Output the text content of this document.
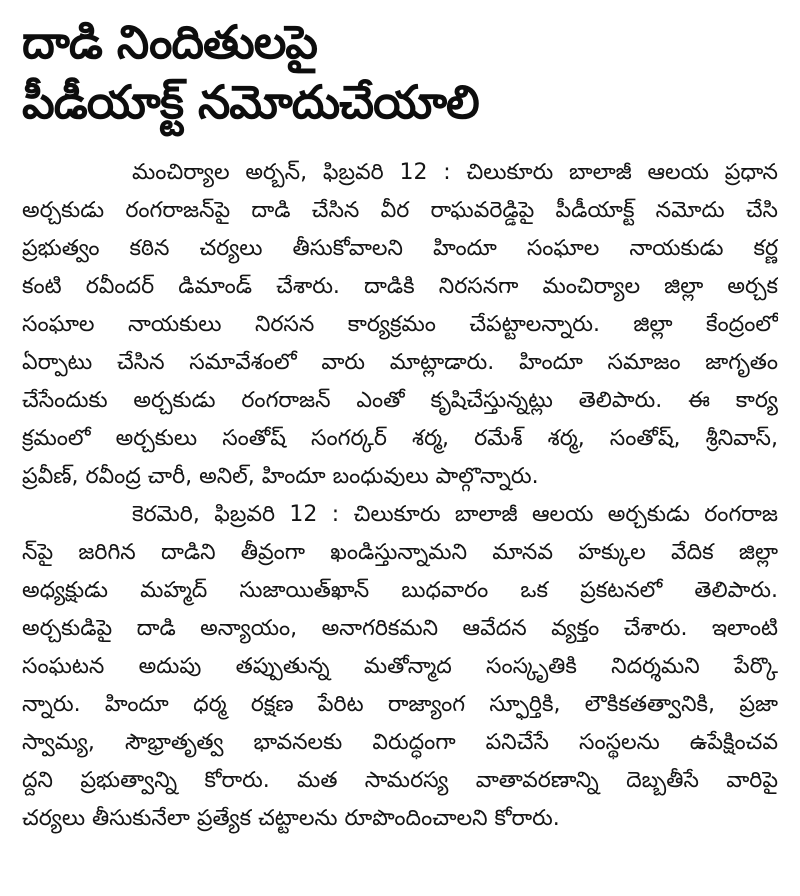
దాడి నిందితులపై
పీడీయాక్ట్ నమోదుచేయాలి

మంచిర్యాల అర్బన్, ఫిబ్రవరి 12 : చిలుకూరు బాలాజీ ఆలయ ప్రధాన
అర్చకుడు రంగరాజన్‌పై దాడి చేసిన వీర రాఘవరెడ్డిపై పీడీయాక్ట్ నమోదు చేసి
ప్రభుత్వం కఠిన చర్యలు తీసుకోవాలని హిందూ సంఘాల నాయకుడు కర్ణ
కంటి రవీందర్ డిమాండ్ చేశారు. దాడికి నిరసనగా మంచిర్యాల జిల్లా అర్చక
సంఘాల నాయకులు నిరసన కార్యక్రమం చేపట్టాలన్నారు. జిల్లా కేంద్రంలో
ఏర్పాటు చేసిన సమావేశంలో వారు మాట్లాడారు. హిందూ సమాజం జాగృతం
చేసేందుకు అర్చకుడు రంగరాజన్ ఎంతో కృషిచేస్తున్నట్లు తెలిపారు. ఈ కార్య
క్రమంలో అర్చకులు సంతోష్ సంగర్కర్ శర్మ, రమేశ్ శర్మ, సంతోష్, శ్రీనివాస్,
ప్రవీణ్, రవీంద్ర చారీ, అనిల్, హిందూ బంధువులు పాల్గొన్నారు.

కెరమెరి, ఫిబ్రవరి 12 : చిలుకూరు బాలాజీ ఆలయ అర్చకుడు రంగరాజ
న్‌పై జరిగిన దాడిని తీవ్రంగా ఖండిస్తున్నామని మానవ హక్కుల వేదిక జిల్లా
అధ్యక్షుడు మహ్మద్ సుజాయిత్‌ఖాన్ బుధవారం ఒక ప్రకటనలో తెలిపారు.
అర్చకుడిపై దాడి అన్యాయం, అనాగరికమని ఆవేదన వ్యక్తం చేశారు. ఇలాంటి
సంఘటన అదుపు తప్పుతున్న మతోన్మాద సంస్కృతికి నిదర్శమని పేర్కొ
న్నారు. హిందూ ధర్మ రక్షణ పేరిట రాజ్యాంగ స్ఫూర్తికి, లౌకికతత్వానికి, ప్రజా
స్వామ్య, సౌభ్రాతృత్వ భావనలకు విరుద్ధంగా పనిచేసే సంస్థలను ఉపేక్షించవ
ద్దని ప్రభుత్వాన్ని కోరారు. మత సామరస్య వాతావరణాన్ని దెబ్బతీసే వారిపై
చర్యలు తీసుకునేలా ప్రత్యేక చట్టాలను రూపొందించాలని కోరారు.
